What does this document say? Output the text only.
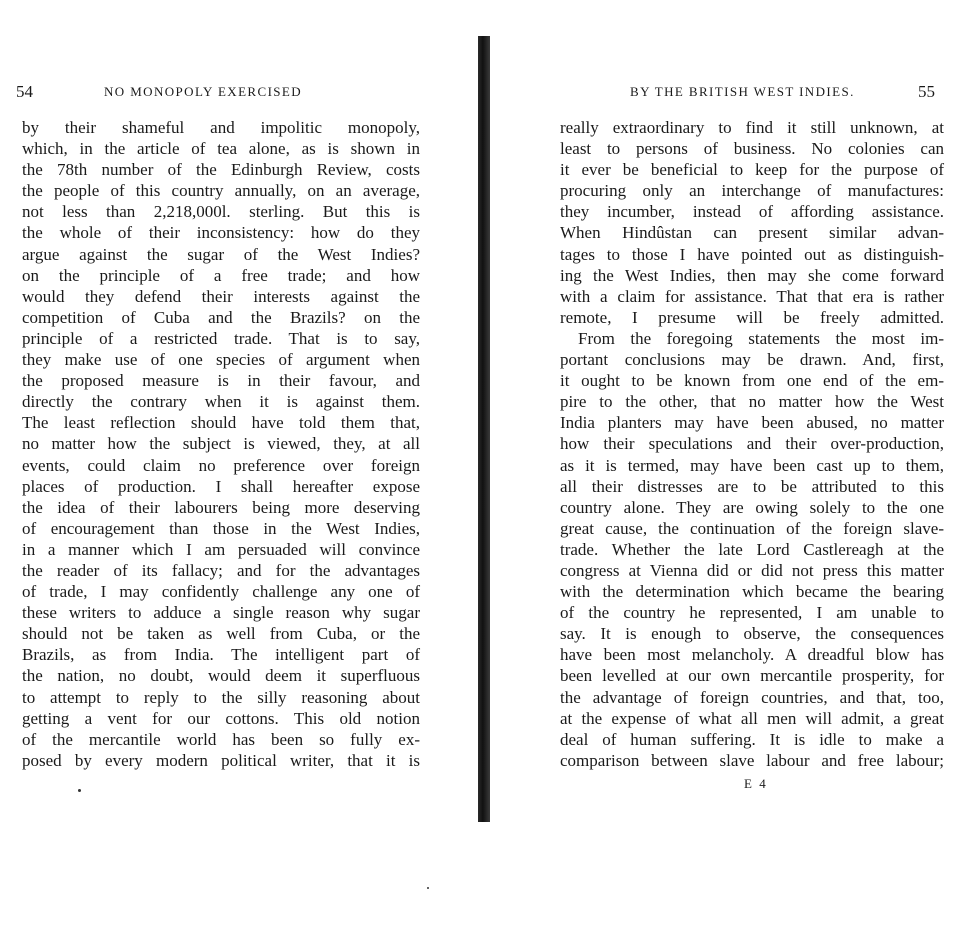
54	NO MONOPOLY EXERCISED
by their shameful and impolitic monopoly,
which, in the article of tea alone, as is shown in
the 78th number of the Edinburgh Review, costs
the people of this country annually, on an average,
not less than 2,218,000l. sterling. But this is
the whole of their inconsistency: how do they
argue against the sugar of the West Indies?
on the principle of a free trade; and how
would they defend their interests against the
competition of Cuba and the Brazils? on the
principle of a restricted trade. That is to say,
they make use of one species of argument when
the proposed measure is in their favour, and
directly the contrary when it is against them.
The least reflection should have told them that,
no matter how the subject is viewed, they, at all
events, could claim no preference over foreign
places of production. I shall hereafter expose
the idea of their labourers being more deserving
of encouragement than those in the West Indies,
in a manner which I am persuaded will convince
the reader of its fallacy; and for the advantages
of trade, I may confidently challenge any one of
these writers to adduce a single reason why sugar
should not be taken as well from Cuba, or the
Brazils, as from India. The intelligent part of
the nation, no doubt, would deem it superfluous
to attempt to reply to the silly reasoning about
getting a vent for our cottons. This old notion
of the mercantile world has been so fully ex-
posed by every modern political writer, that it is
BY THE BRITISH WEST INDIES.	55
really extraordinary to find it still unknown, at
least to persons of business. No colonies can
it ever be beneficial to keep for the purpose of
procuring only an interchange of manufactures:
they incumber, instead of affording assistance.
When Hindûstan can present similar advan-
tages to those I have pointed out as distinguish-
ing the West Indies, then may she come forward
with a claim for assistance. That that era is rather
remote, I presume will be freely admitted.
From the foregoing statements the most im-
portant conclusions may be drawn. And, first,
it ought to be known from one end of the em-
pire to the other, that no matter how the West
India planters may have been abused, no matter
how their speculations and their over-production,
as it is termed, may have been cast up to them,
all their distresses are to be attributed to this
country alone. They are owing solely to the one
great cause, the continuation of the foreign slave-
trade. Whether the late Lord Castlereagh at the
congress at Vienna did or did not press this matter
with the determination which became the bearing
of the country he represented, I am unable to
say. It is enough to observe, the consequences
have been most melancholy. A dreadful blow has
been levelled at our own mercantile prosperity, for
the advantage of foreign countries, and that, too,
at the expense of what all men will admit, a great
deal of human suffering. It is idle to make a
comparison between slave labour and free labour;
E 4
